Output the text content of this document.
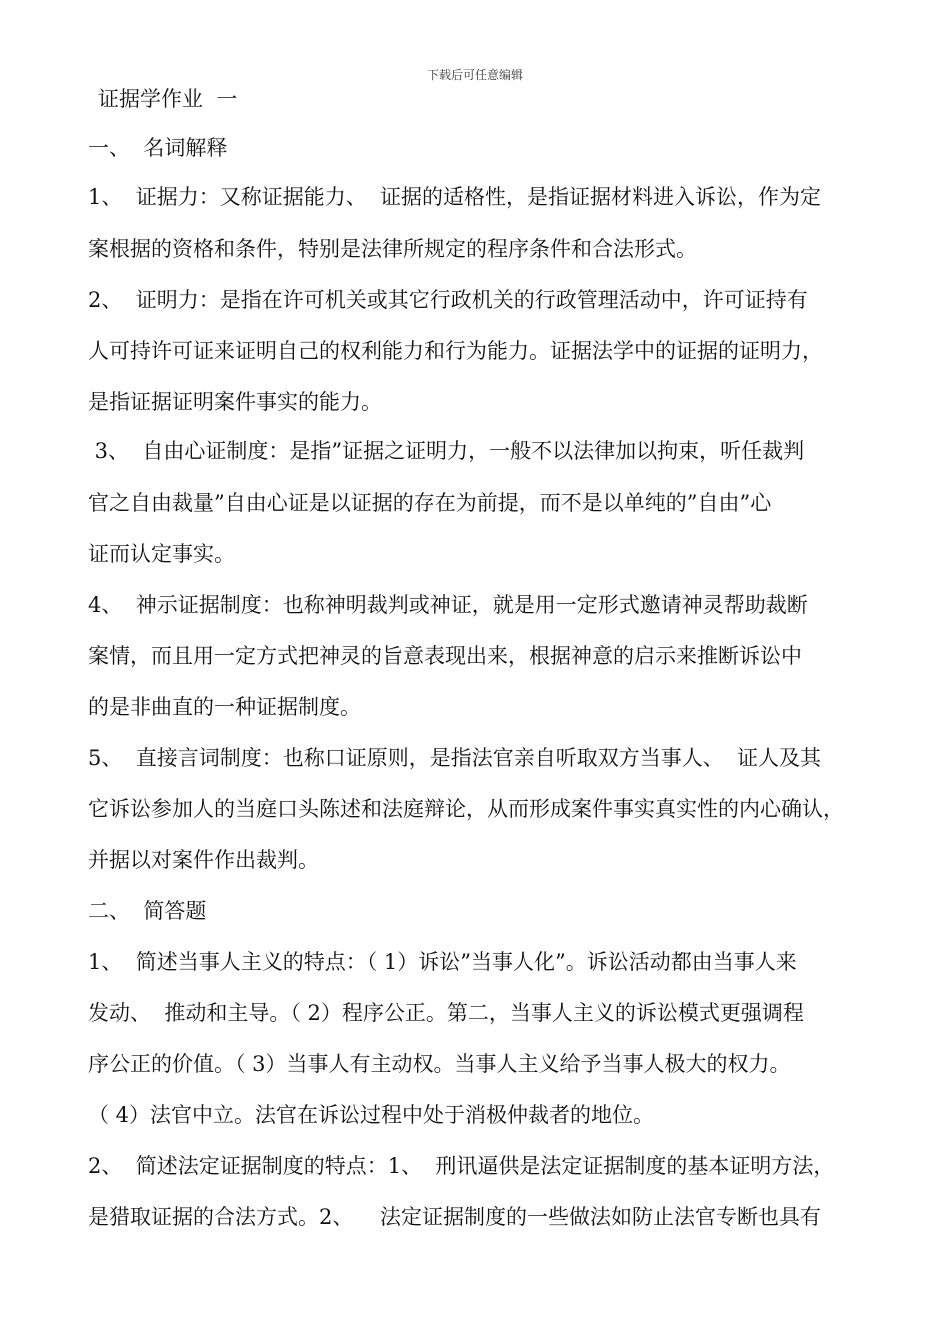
下载后可任意编辑
证据学作业  一
一、  名词解释
1、  证据力：又称证据能力、  证据的适格性，是指证据材料进入诉讼，作为定
案根据的资格和条件，特别是法律所规定的程序条件和合法形式。
2、  证明力：是指在许可机关或其它行政机关的行政管理活动中，许可证持有
人可持许可证来证明自己的权利能力和行为能力。证据法学中的证据的证明力，
是指证据证明案件事实的能力。
3、  自由心证制度：是指”证据之证明力，一般不以法律加以拘束，听任裁判
官之自由裁量”自由心证是以证据的存在为前提，而不是以单纯的”自由”心
证而认定事实。
4、  神示证据制度：也称神明裁判或神证，就是用一定形式邀请神灵帮助裁断
案情，而且用一定方式把神灵的旨意表现出来，根据神意的启示来推断诉讼中
的是非曲直的一种证据制度。
5、  直接言词制度：也称口证原则，是指法官亲自听取双方当事人、  证人及其
它诉讼参加人的当庭口头陈述和法庭辩论，从而形成案件事实真实性的内心确认，
并据以对案件作出裁判。
二、  简答题
1、  简述当事人主义的特点：（ 1）诉讼”当事人化”。诉讼活动都由当事人来
发动、  推动和主导。（ 2）程序公正。第二，当事人主义的诉讼模式更强调程
序公正的价值。（ 3）当事人有主动权。当事人主义给予当事人极大的权力。
（ 4）法官中立。法官在诉讼过程中处于消极仲裁者的地位。
2、  简述法定证据制度的特点：1、  刑讯逼供是法定证据制度的基本证明方法，
是猎取证据的合法方式。2、    法定证据制度的一些做法如防止法官专断也具有
